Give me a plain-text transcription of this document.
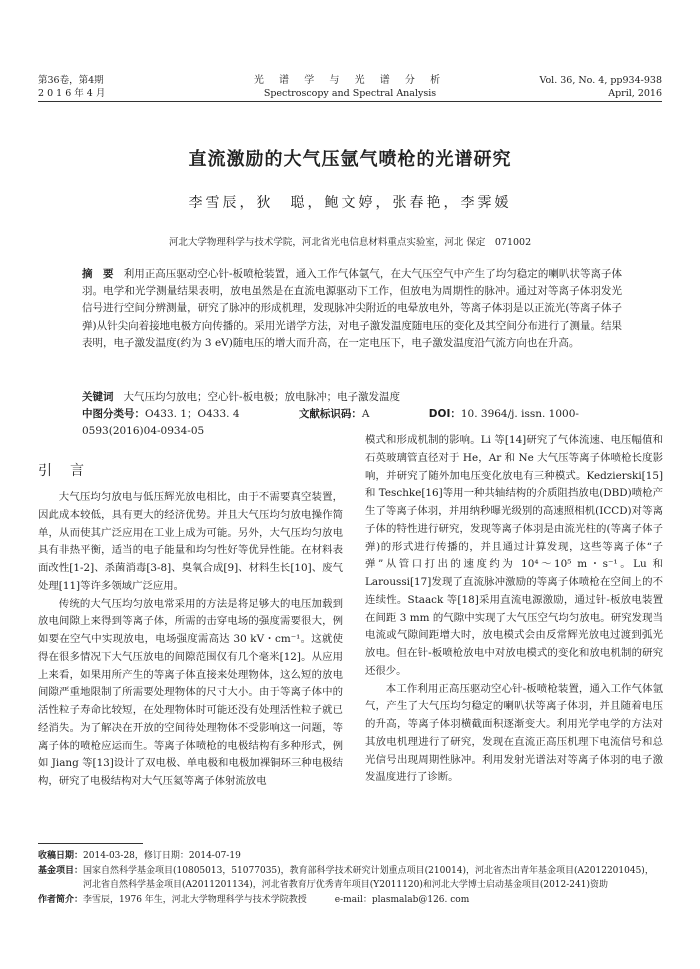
第36卷，第4期
2 0 1 6 年 4 月
光 谱 学 与 光 谱 分 析
Spectroscopy and Spectral Analysis
Vol. 36, No. 4, pp934-938
April, 2016
直流激励的大气压氩气喷枪的光谱研究
李雪辰，狄　聪，鲍文婷，张春艳，李霁媛
河北大学物理科学与技术学院，河北省光电信息材料重点实验室，河北 保定　071002
摘　要 利用正高压驱动空心针-板喷枪装置，通入工作气体氩气，在大气压空气中产生了均匀稳定的喇叭状等离子体羽。电学和光学测量结果表明，放电虽然是在直流电源驱动下工作，但放电为周期性的脉冲。通过对等离子体羽发光信号进行空间分辨测量，研究了脉冲的形成机理，发现脉冲尖附近的电晕放电外，等离子体羽是以正流光(等离子体子弹)从针尖向着接地电极方向传播的。采用光谱学方法，对电子激发温度随电压的变化及其空间分布进行了测量。结果表明，电子激发温度(约为 3 eV)随电压的增大而升高，在一定电压下，电子激发温度沿气流方向也在升高。
关键词 大气压均匀放电；空心针-板电极；放电脉冲；电子激发温度
中图分类号：O433. 1；O433. 4	文献标识码：A	DOI：10. 3964/j. issn. 1000-0593(2016)04-0934-05
引言

大气压均匀放电与低压辉光放电相比，由于不需要真空装置，因此成本较低，具有更大的经济优势。并且大气压均匀放电操作简单，从而使其广泛应用在工业上成为可能。另外，大气压均匀放电具有非热平衡，适当的电子能量和均匀性好等优异性能。在材料表面改性[1-2]、杀菌消毒[3-8]、臭氧合成[9]、材料生长[10]、废气处理[11]等许多领域广泛应用。

传统的大气压均匀放电常采用的方法是将足够大的电压加载到放电间隙上来得到等离子体，所需的击穿电场的强度需要很大，例如要在空气中实现放电，电场强度需高达 30 kV・cm⁻¹。这就使得在很多情况下大气压放电的间隙范围仅有几个毫米[12]。从应用上来看，如果用所产生的等离子体直接来处理物体，这么短的放电间隙严重地限制了所需要处理物体的尺寸大小。由于等离子体中的活性粒子寿命比较短，在处理物体时可能还没有处理活性粒子就已经消失。为了解决在开放的空间待处理物体不受影响这一问题，等离子体的喷枪应运而生。等离子体喷枪的电极结构有多种形式，例如 Jiang 等[13]设计了双电极、单电极和电极加裸铜环三种电极结构，研究了电极结构对大气压氦等离子体射流放电

模式和形成机制的影响。Li 等[14]研究了气体流速、电压幅值和石英玻璃管直径对于 He，Ar 和 Ne 大气压等离子体喷枪长度影响，并研究了随外加电压变化放电有三种模式。Kedzierski[15]和 Teschke[16]等用一种共轴结构的介质阻挡放电(DBD)喷枪产生了等离子体羽，并用纳秒曝光级别的高速照相机(ICCD)对等离子体的特性进行研究，发现等离子体羽是由流光柱的(等离子体子弹)的形式进行传播的，并且通过计算发现，这些等离子体“子弹”从管口打出的速度约为 10⁴～10⁵ m・s⁻¹。Lu 和 Laroussi[17]发现了直流脉冲激励的等离子体喷枪在空间上的不连续性。Staack 等[18]采用直流电源激励，通过针-板放电装置在间距 3 mm 的气隙中实现了大气压空气均匀放电。研究发现当电流或气隙间距增大时，放电模式会由反常辉光放电过渡到弧光放电。但在针-板喷枪放电中对放电模式的变化和放电机制的研究还很少。

本工作利用正高压驱动空心针-板喷枪装置，通入工作气体氩气，产生了大气压均匀稳定的喇叭状等离子体羽，并且随着电压的升高，等离子体羽横截面积逐渐变大。利用光学电学的方法对其放电机理进行了研究，发现在直流正高压机理下电流信号和总光信号出现周期性脉冲。利用发射光谱法对等离子体羽的电子激发温度进行了诊断。

收稿日期： 2014-03-28，修订日期：2014-07-19
基金项目： 国家自然科学基金项目(10805013，51077035)，教育部科学技术研究计划重点项目(210014)，河北省杰出青年基金项目(A2012201045)，河北省自然科学基金项目(A2011201134)，河北省教育厅优秀青年项目(Y2011120)和河北大学博士启动基金项目(2012-241)资助
作者简介： 李雪辰，1976 年生，河北大学物理科学与技术学院教授	e-mail：plasmalab@126. com
